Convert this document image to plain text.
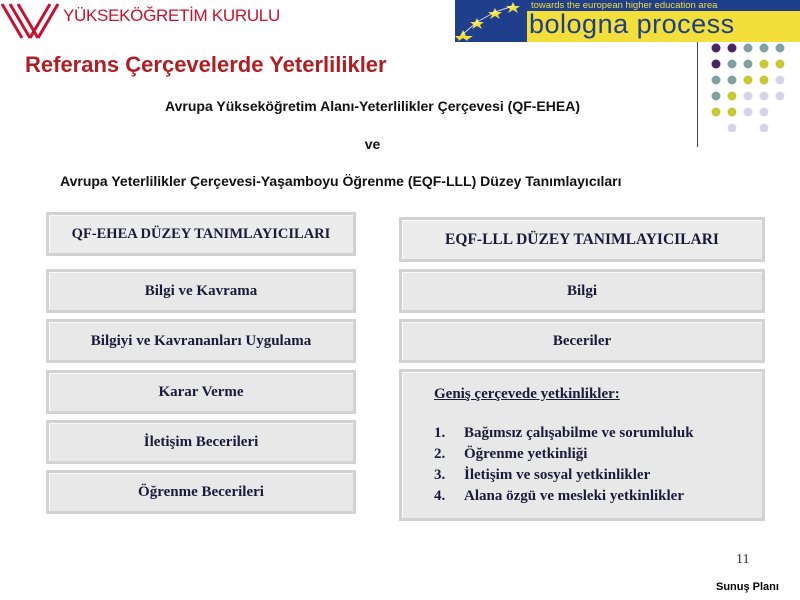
YÜKSEKÖĞRETİM KURULU
towards the european higher education area
bologna process
Referans Çerçevelerde Yeterlilikler
Avrupa Yükseköğretim Alanı-Yeterlilikler Çerçevesi (QF-EHEA)
ve
Avrupa Yeterlilikler Çerçevesi-Yaşamboyu Öğrenme (EQF-LLL) Düzey Tanımlayıcıları
QF-EHEA DÜZEY TANIMLAYICILARI
Bilgi ve Kavrama
Bilgiyi ve Kavrananları Uygulama
Karar Verme
İletişim Becerileri
Öğrenme Becerileri
EQF-LLL DÜZEY TANIMLAYICILARI
Bilgi
Beceriler
Geniş çerçevede yetkinlikler:
1.	Bağımsız çalışabilme ve sorumluluk
2.	Öğrenme yetkinliği
3.	İletişim ve sosyal yetkinlikler
4.	Alana özgü ve mesleki yetkinlikler
11
Sunuş Planı
